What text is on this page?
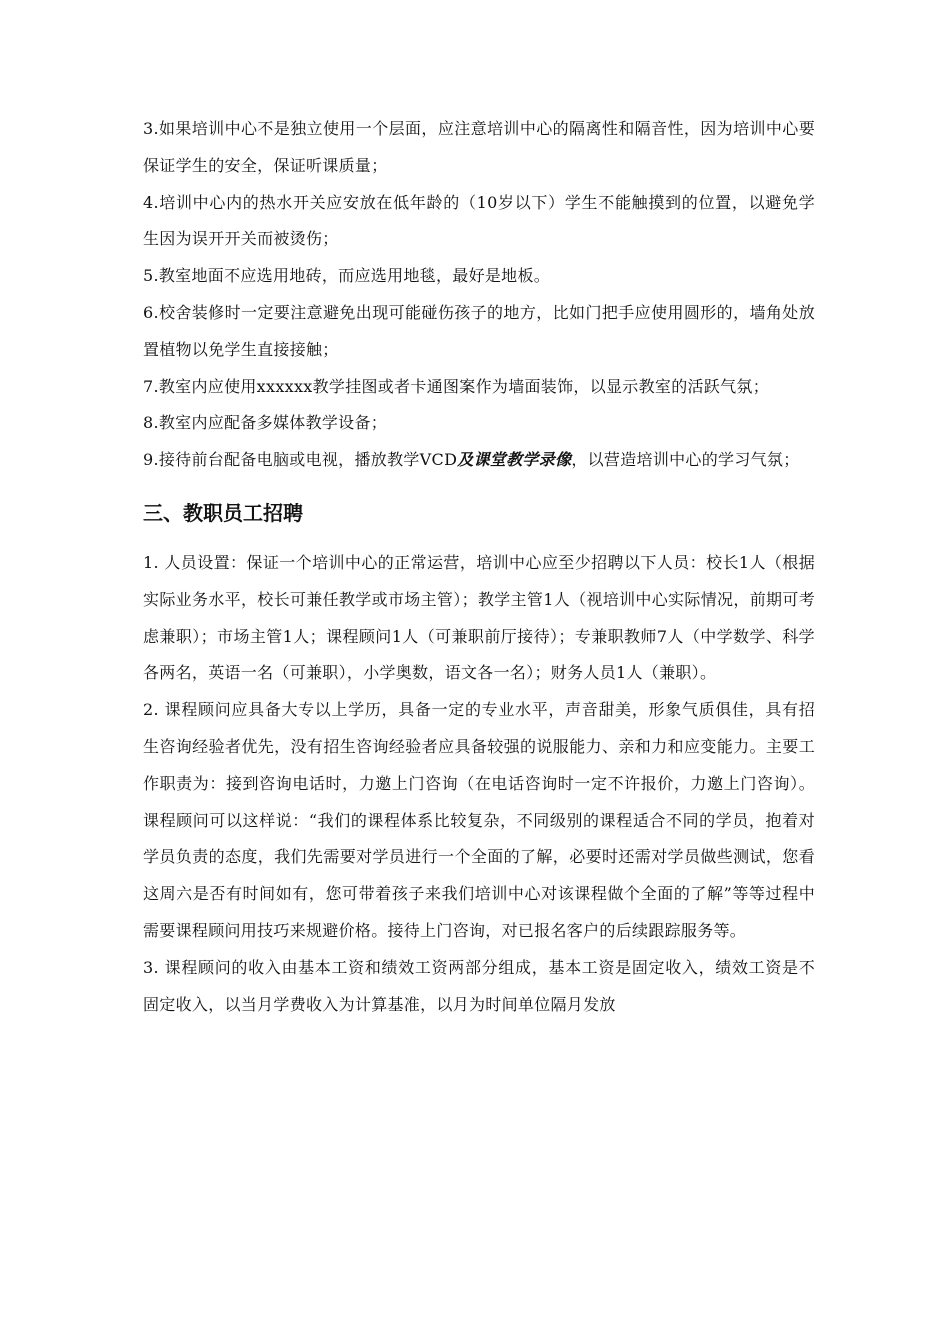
3.如果培训中心不是独立使用一个层面，应注意培训中心的隔离性和隔音性，因为培训中心要保证学生的安全，保证听课质量；

4.培训中心内的热水开关应安放在低年龄的（10岁以下）学生不能触摸到的位置，以避免学生因为误开开关而被烫伤；

5.教室地面不应选用地砖，而应选用地毯，最好是地板。

6.校舍装修时一定要注意避免出现可能碰伤孩子的地方，比如门把手应使用圆形的，墙角处放置植物以免学生直接接触；

7.教室内应使用xxxxxx教学挂图或者卡通图案作为墙面装饰，以显示教室的活跃气氛；

8.教室内应配备多媒体教学设备；

9.接待前台配备电脑或电视，播放教学VCD及课堂教学录像，以营造培训中心的学习气氛；

三、教职员工招聘

1. 人员设置：保证一个培训中心的正常运营，培训中心应至少招聘以下人员：校长1人（根据实际业务水平，校长可兼任教学或市场主管）；教学主管1人（视培训中心实际情况，前期可考虑兼职）；市场主管1人；课程顾问1人（可兼职前厅接待）；专兼职教师7人（中学数学、科学各两名，英语一名（可兼职），小学奥数，语文各一名）；财务人员1人（兼职）。

2. 课程顾问应具备大专以上学历，具备一定的专业水平，声音甜美，形象气质俱佳，具有招生咨询经验者优先，没有招生咨询经验者应具备较强的说服能力、亲和力和应变能力。主要工作职责为：接到咨询电话时，力邀上门咨询（在电话咨询时一定不许报价，力邀上门咨询）。课程顾问可以这样说：“我们的课程体系比较复杂，不同级别的课程适合不同的学员，抱着对学员负责的态度，我们先需要对学员进行一个全面的了解，必要时还需对学员做些测试，您看这周六是否有时间如有，您可带着孩子来我们培训中心对该课程做个全面的了解”等等过程中需要课程顾问用技巧来规避价格。接待上门咨询，对已报名客户的后续跟踪服务等。

3. 课程顾问的收入由基本工资和绩效工资两部分组成，基本工资是固定收入，绩效工资是不固定收入，以当月学费收入为计算基准，以月为时间单位隔月发放
